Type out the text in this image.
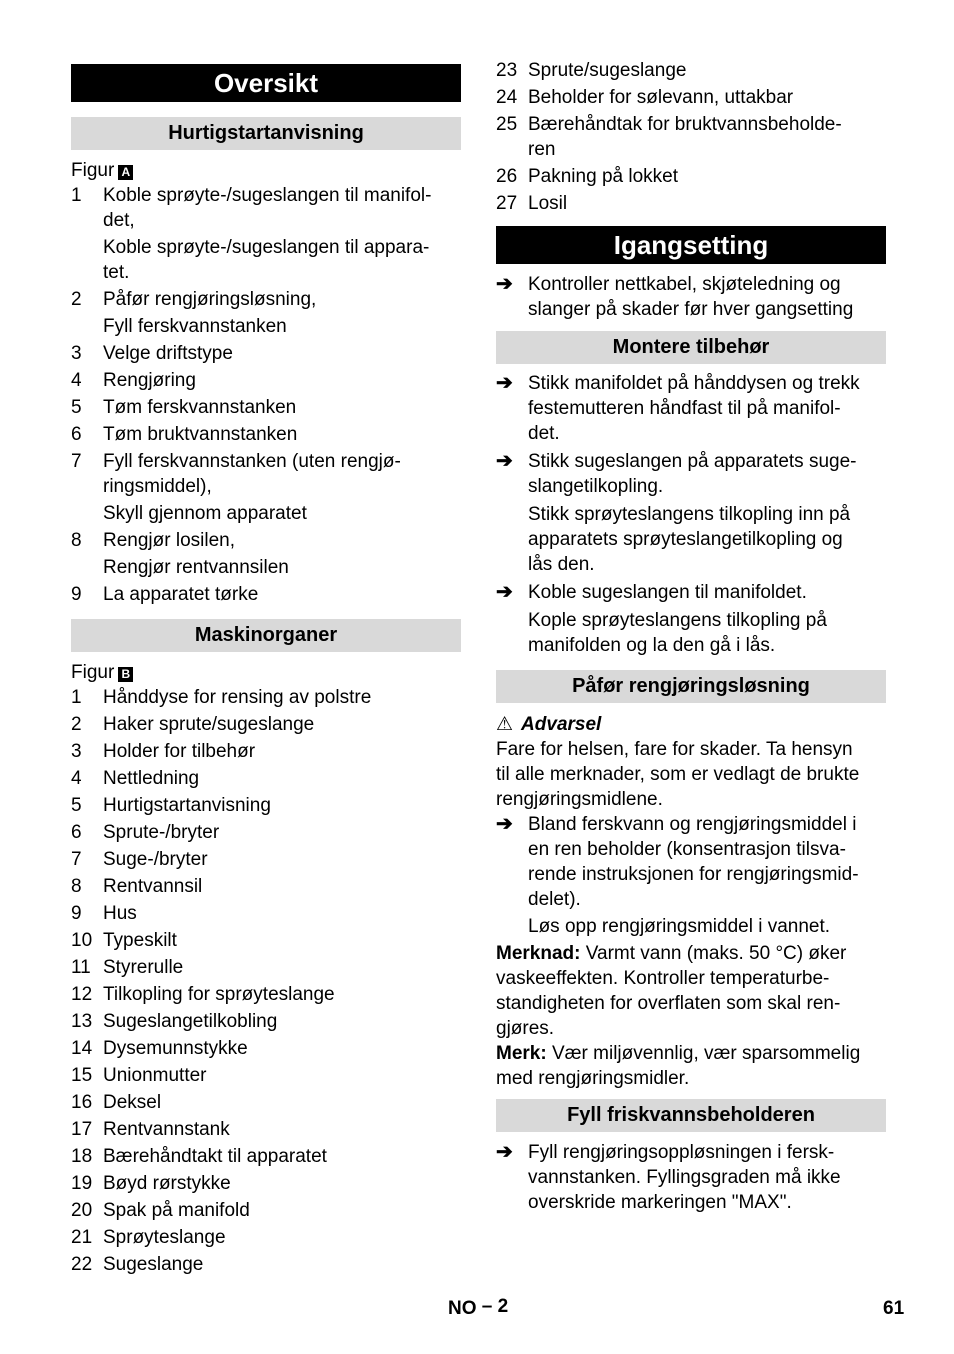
Oversikt
Hurtigstartanvisning
Figur A
1 Koble sprøyte-/sugeslangen til manifol-
det,
Koble sprøyte-/sugeslangen til appara-
tet.
2 Påfør rengjøringsløsning,
Fyll ferskvannstanken
3 Velge driftstype
4 Rengjøring
5 Tøm ferskvannstanken
6 Tøm bruktvannstanken
7 Fyll ferskvannstanken (uten rengjø-
ringsmiddel),
Skyll gjennom apparatet
8 Rengjør losilen,
Rengjør rentvannsilen
9 La apparatet tørke
Maskinorganer
Figur B
1 Hånddyse for rensing av polstre
2 Haker sprute/sugeslange
3 Holder for tilbehør
4 Nettledning
5 Hurtigstartanvisning
6 Sprute-/bryter
7 Suge-/bryter
8 Rentvannsil
9 Hus
10 Typeskilt
11 Styrerulle
12 Tilkopling for sprøyteslange
13 Sugeslangetilkobling
14 Dysemunnstykke
15 Unionmutter
16 Deksel
17 Rentvannstank
18 Bærehåndtakt til apparatet
19 Bøyd rørstykke
20 Spak på manifold
21 Sprøyteslange
22 Sugeslange
23 Sprute/sugeslange
24 Beholder for sølevann, uttakbar
25 Bærehåndtak for bruktvannsbeholde-
ren
26 Pakning på lokket
27 Losil
Igangsetting
➔ Kontroller nettkabel, skjøteledning og
slanger på skader før hver gangsetting
Montere tilbehør
➔ Stikk manifoldet på hånddysen og trekk
festemutteren håndfast til på manifol-
det.
➔ Stikk sugeslangen på apparatets suge-
slangetilkopling.
Stikk sprøyteslangens tilkopling inn på
apparatets sprøyteslangetilkopling og
lås den.
➔ Koble sugeslangen til manifoldet.
Kople sprøyteslangens tilkopling på
manifolden og la den gå i lås.
Påfør rengjøringsløsning
⚠ Advarsel
Fare for helsen, fare for skader. Ta hensyn
til alle merknader, som er vedlagt de brukte
rengjøringsmidlene.
➔ Bland ferskvann og rengjøringsmiddel i
en ren beholder (konsentrasjon tilsva-
rende instruksjonen for rengjøringsmid-
delet).
Løs opp rengjøringsmiddel i vannet.
Merknad: Varmt vann (maks. 50 °C) øker
vaskeeffekten. Kontroller temperaturbe-
standigheten for overflaten som skal ren-
gjøres.
Merk: Vær miljøvennlig, vær sparsommelig
med rengjøringsmidler.
Fyll friskvannsbeholderen
➔ Fyll rengjøringsoppløsningen i fersk-
vannstanken. Fyllingsgraden må ikke
overskride markeringen "MAX".
NO – 2	61
